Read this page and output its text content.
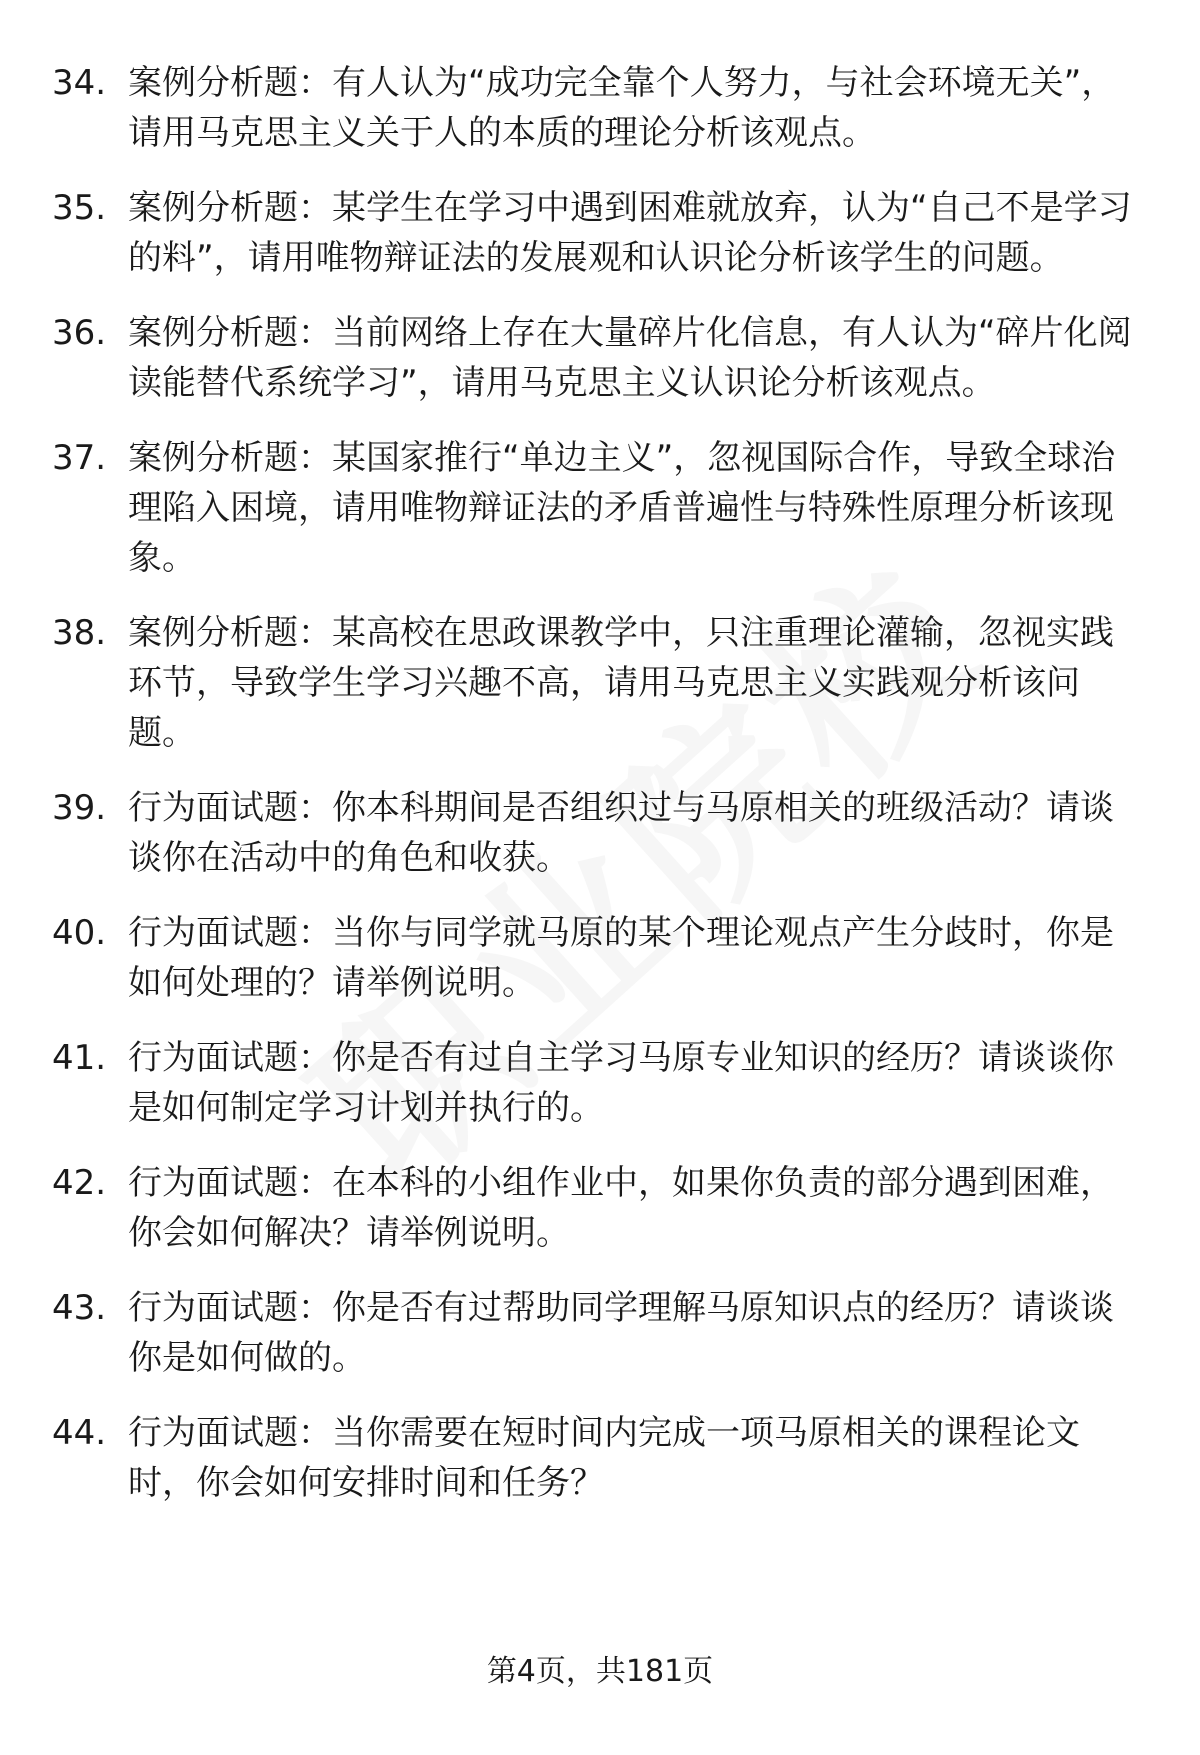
34. 案例分析题：有人认为“成功完全靠个人努力，与社会环境无关”，请用马克思主义关于人的本质的理论分析该观点。
35. 案例分析题：某学生在学习中遇到困难就放弃，认为“自己不是学习的料”，请用唯物辩证法的发展观和认识论分析该学生的问题。
36. 案例分析题：当前网络上存在大量碎片化信息，有人认为“碎片化阅读能替代系统学习”，请用马克思主义认识论分析该观点。
37. 案例分析题：某国家推行“单边主义”，忽视国际合作，导致全球治理陷入困境，请用唯物辩证法的矛盾普遍性与特殊性原理分析该现象。
38. 案例分析题：某高校在思政课教学中，只注重理论灌输，忽视实践环节，导致学生学习兴趣不高，请用马克思主义实践观分析该问题。
39. 行为面试题：你本科期间是否组织过与马原相关的班级活动？请谈谈你在活动中的角色和收获。
40. 行为面试题：当你与同学就马原的某个理论观点产生分歧时，你是如何处理的？请举例说明。
41. 行为面试题：你是否有过自主学习马原专业知识的经历？请谈谈你是如何制定学习计划并执行的。
42. 行为面试题：在本科的小组作业中，如果你负责的部分遇到困难，你会如何解决？请举例说明。
43. 行为面试题：你是否有过帮助同学理解马原知识点的经历？请谈谈你是如何做的。
44. 行为面试题：当你需要在短时间内完成一项马原相关的课程论文时，你会如何安排时间和任务？
第4页，共181页
